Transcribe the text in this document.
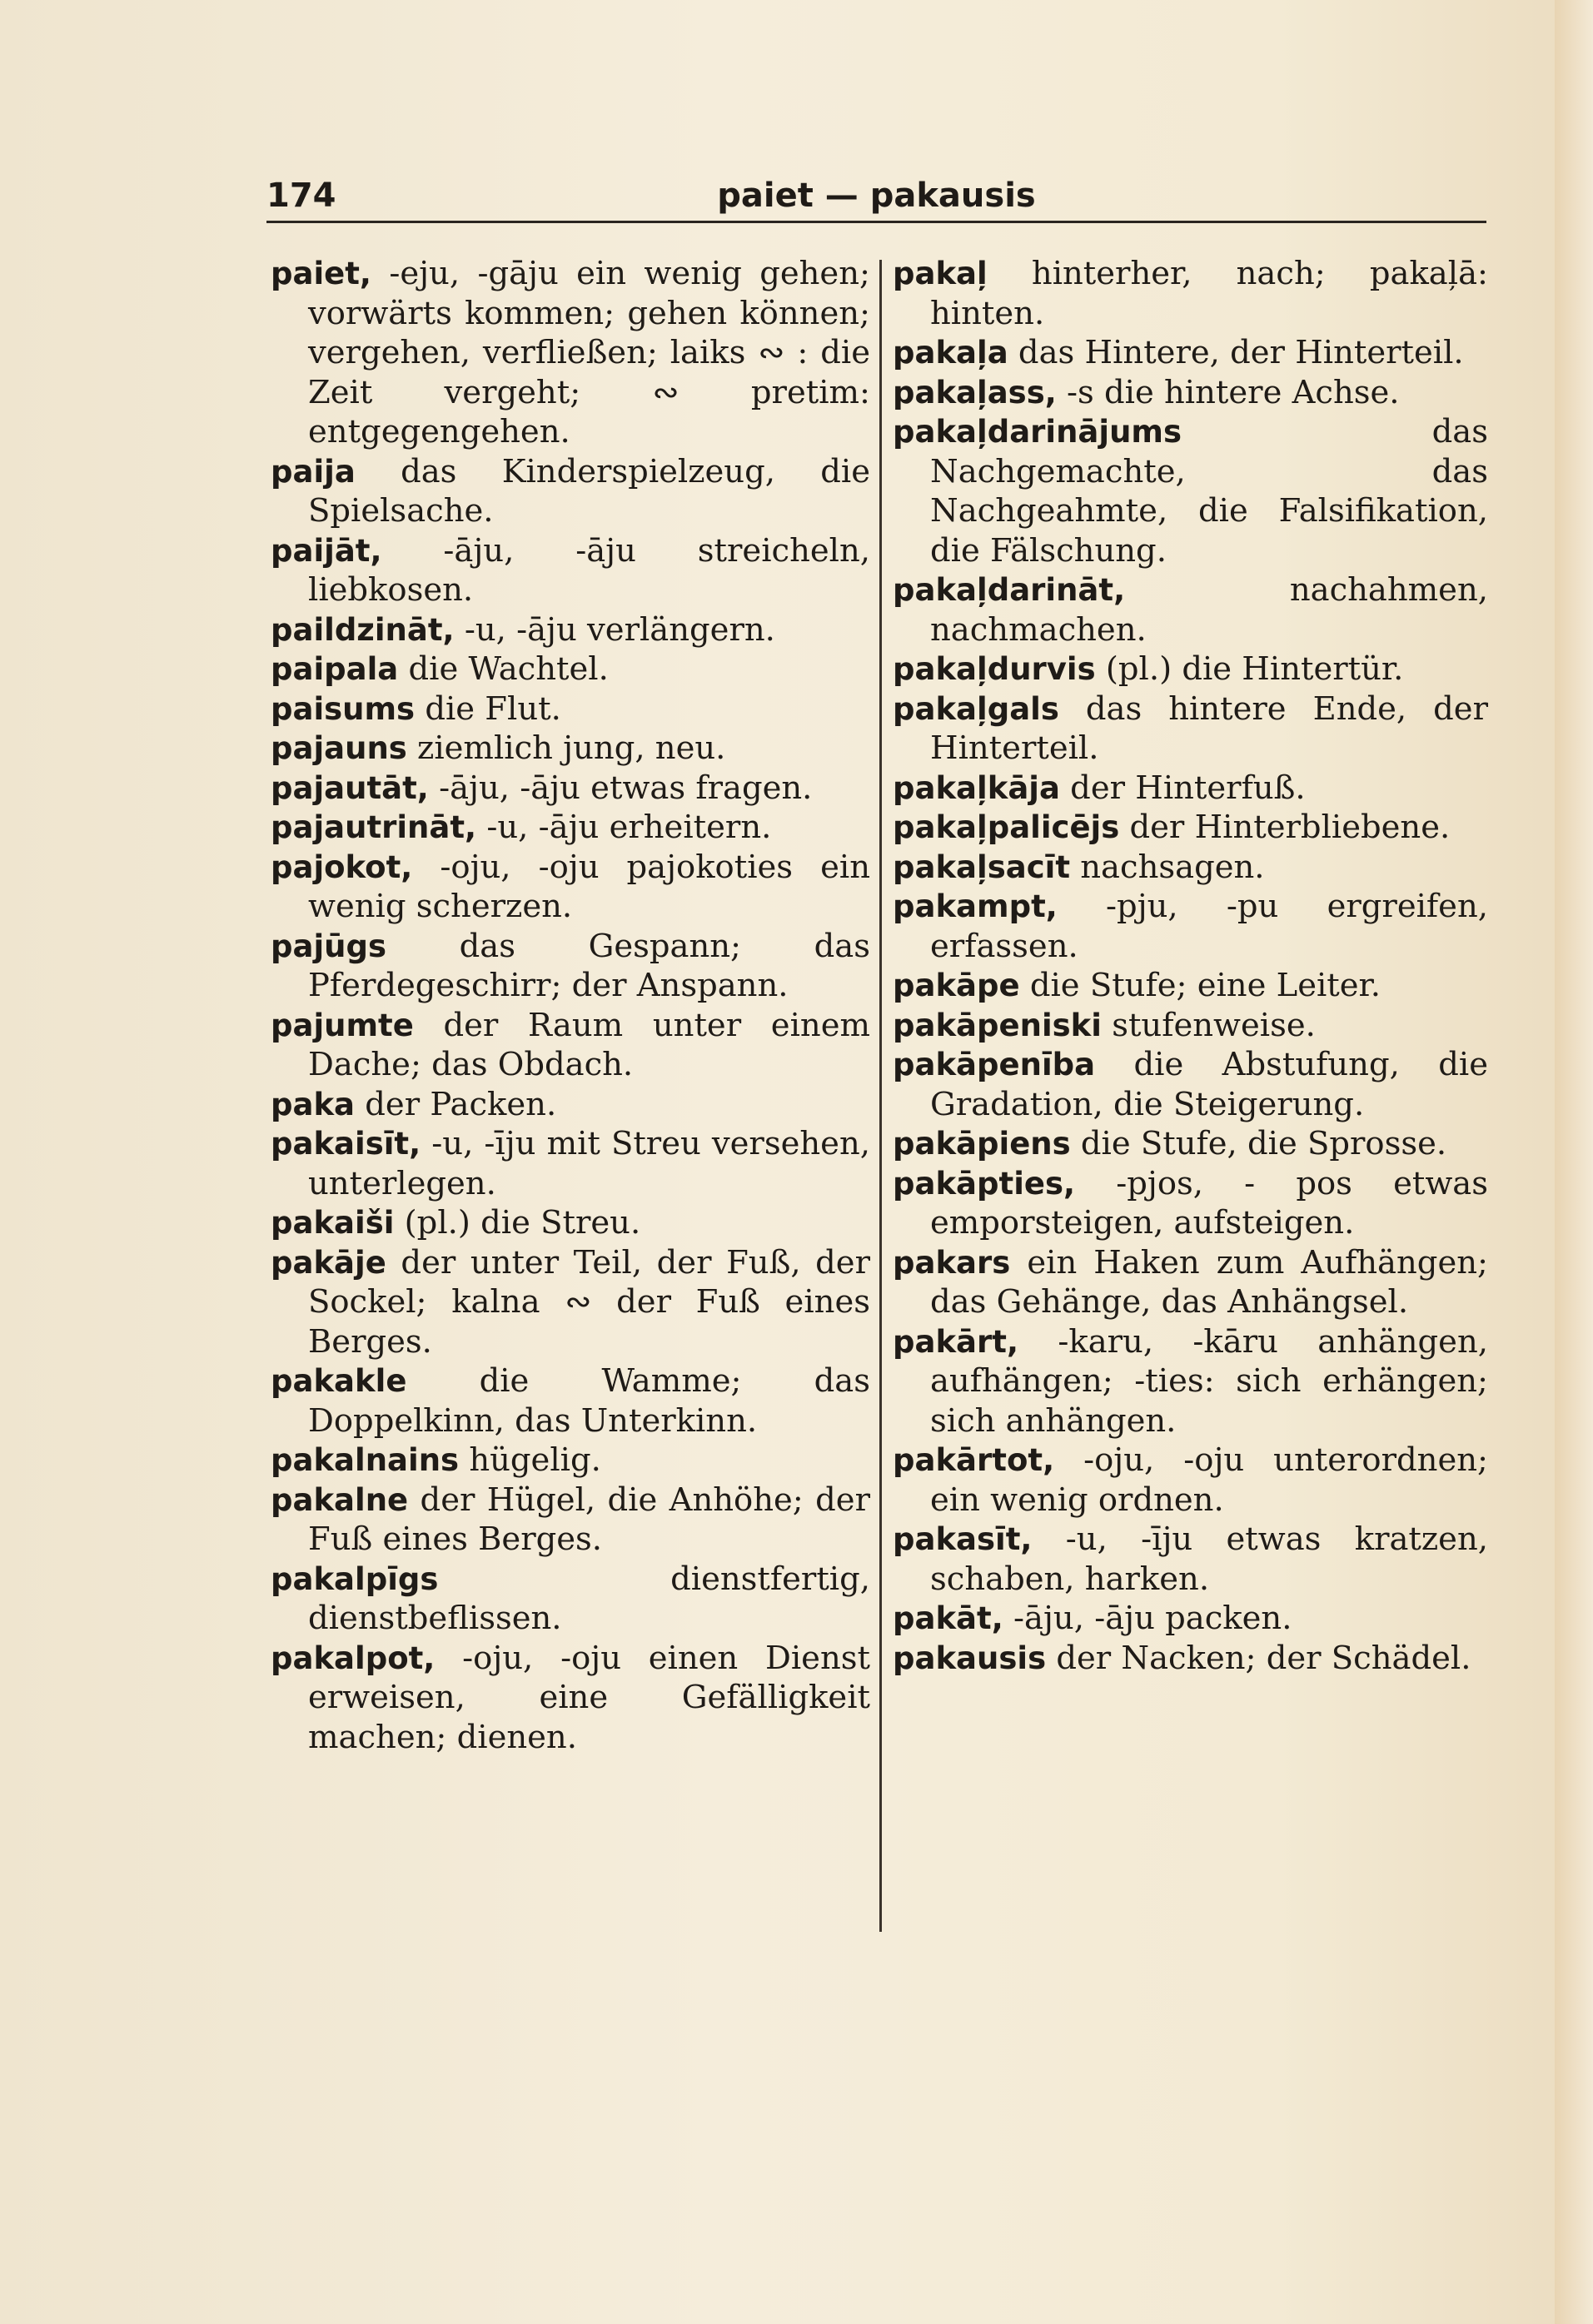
174	paiet — pakausis

paiet, -eju, -gāju ein wenig gehen; vorwärts kommen; gehen können; vergehen, verfließen; laiks ∾ : die Zeit vergeht; ∾ pretim: entgegengehen.

paija das Kinderspielzeug, die Spielsache.

paijāt, -āju, -āju streicheln, liebkosen.

paildzināt, -u, -āju verlängern.

paipala die Wachtel.

paisums die Flut.

pajauns ziemlich jung, neu.

pajautāt, -āju, -āju etwas fragen.

pajautrināt, -u, -āju erheitern.

pajokot, -oju, -oju pajokoties ein wenig scherzen.

pajūgs das Gespann; das Pferdegeschirr; der Anspann.

pajumte der Raum unter einem Dache; das Obdach.

paka der Packen.

pakaisīt, -u, -īju mit Streu versehen, unterlegen.

pakaiši (pl.) die Streu.

pakāje der unter Teil, der Fuß, der Sockel; kalna ∾ der Fuß eines Berges.

pakakle die Wamme; das Doppelkinn, das Unterkinn.

pakalnains hügelig.

pakalne der Hügel, die Anhöhe; der Fuß eines Berges.

pakalpīgs dienstfertig, dienstbeflissen.

pakalpot, -oju, -oju einen Dienst erweisen, eine Gefälligkeit machen; dienen.

pakaļ hinterher, nach; pakaļā: hinten.

pakaļa das Hintere, der Hinterteil.

pakaļass, -s die hintere Achse.

pakaļdarinājums das Nachgemachte, das Nachgeahmte, die Falsifikation, die Fälschung.

pakaļdarināt, nachahmen, nachmachen.

pakaļdurvis (pl.) die Hintertür.

pakaļgals das hintere Ende, der Hinterteil.

pakaļkāja der Hinterfuß.

pakaļpalicējs der Hinterbliebene.

pakaļsacīt nachsagen.

pakampt, -pju, -pu ergreifen, erfassen.

pakāpe die Stufe; eine Leiter.

pakāpeniski stufenweise.

pakāpenība die Abstufung, die Gradation, die Steigerung.

pakāpiens die Stufe, die Sprosse.

pakāpties, -pjos, - pos etwas emporsteigen, aufsteigen.

pakars ein Haken zum Aufhängen; das Gehänge, das Anhängsel.

pakārt, -karu, -kāru anhängen, aufhängen; -ties: sich erhängen; sich anhängen.

pakārtot, -oju, -oju unterordnen; ein wenig ordnen.

pakasīt, -u, -īju etwas kratzen, schaben, harken.

pakāt, -āju, -āju packen.

pakausis der Nacken; der Schädel.
